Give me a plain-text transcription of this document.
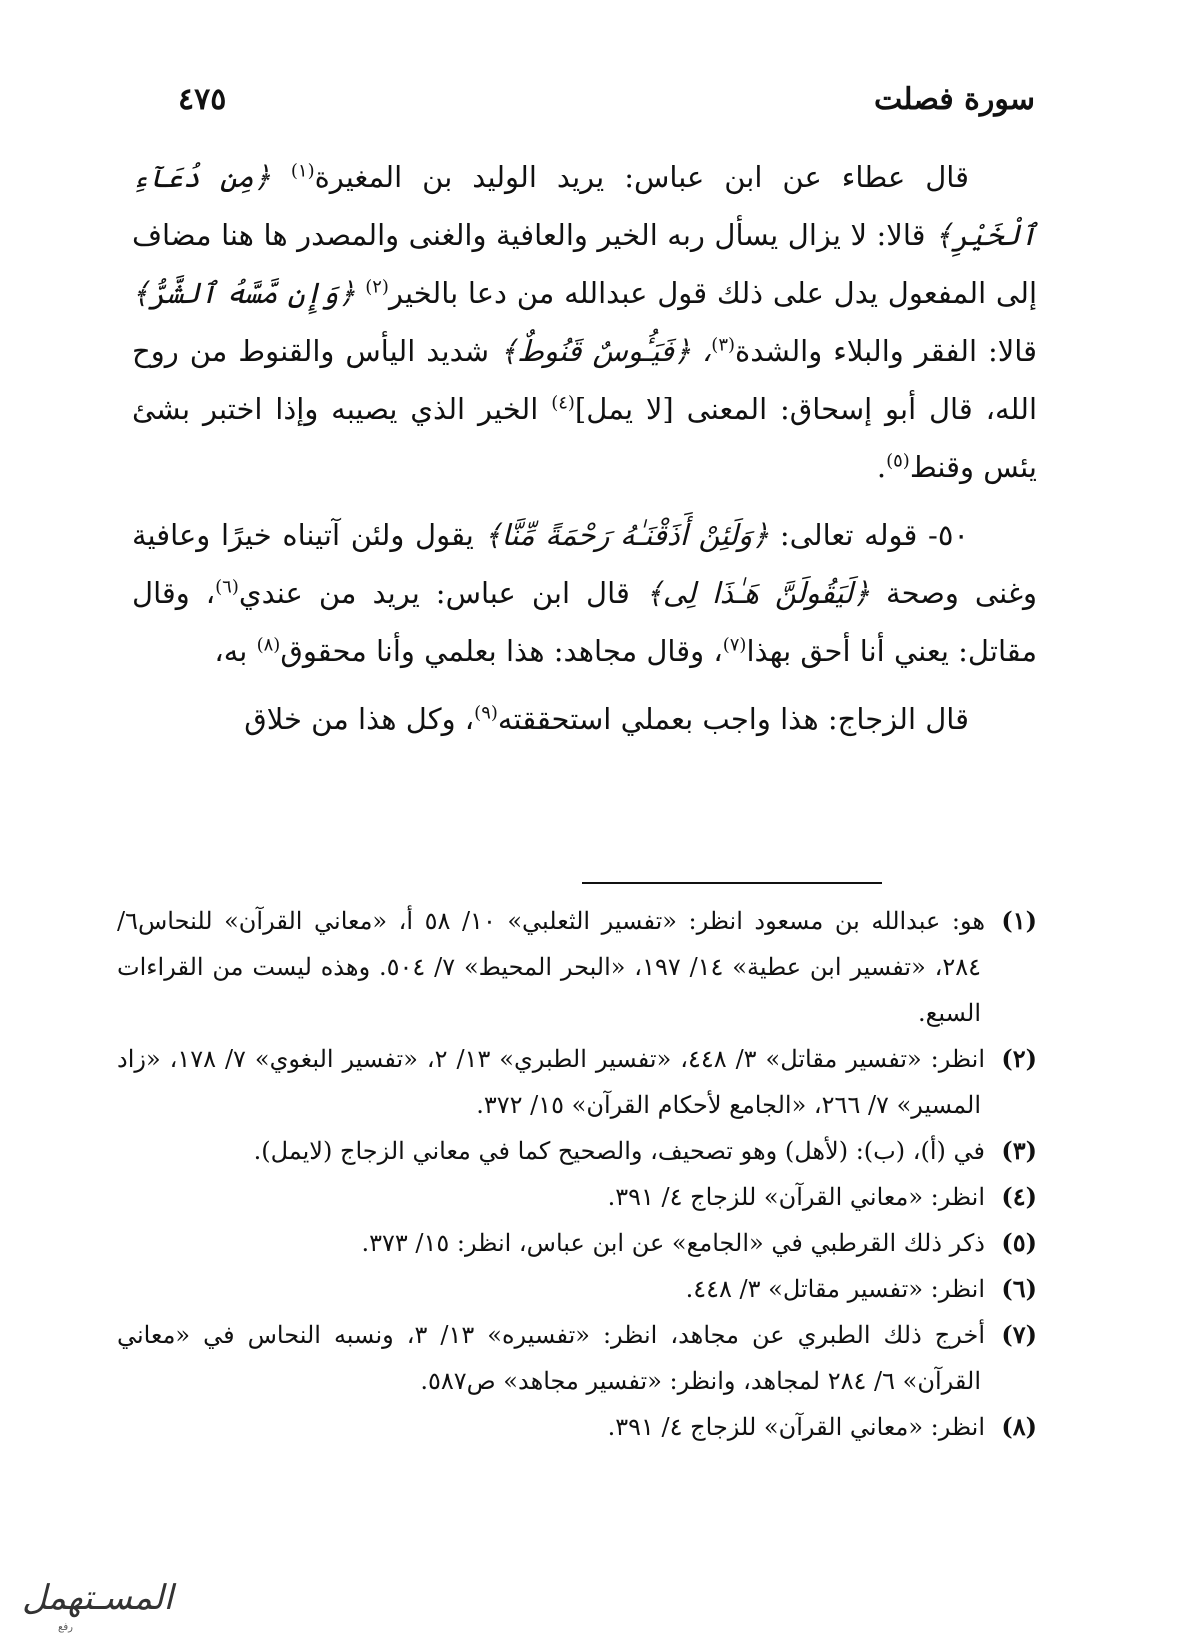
سورة فصلت
٤٧٥

قال عطاء عن ابن عباس: يريد الوليد بن المغيرة$^{(١)}$ ﴿مِن دُعَآءِ ٱلْخَيْرِ﴾ قالا: لا يزال يسأل ربه الخير والعافية والغنى والمصدر ها هنا مضاف إلى المفعول يدل على ذلك قول عبدالله من دعا بالخير$^{(٢)}$ ﴿وَإِن مَّسَّهُ ٱلشَّرُّ﴾ قالا: الفقر والبلاء والشدة$^{(٣)}$، ﴿فَيَـُٔوسٌ قَنُوطٌ﴾ شديد اليأس والقنوط من روح الله، قال أبو إسحاق: المعنى [لا يمل]$^{(٤)}$ الخير الذي يصيبه وإذا اختبر بشئ يئس وقنط$^{(٥)}$.

٥٠- قوله تعالى: ﴿وَلَئِنْ أَذَقْنَـٰهُ رَحْمَةً مِّنَّا﴾ يقول ولئن آتيناه خيرًا وعافية وغنى وصحة ﴿لَيَقُولَنَّ هَـٰذَا لِى﴾ قال ابن عباس: يريد من عندي$^{(٦)}$، وقال مقاتل: يعني أنا أحق بهذا$^{(٧)}$، وقال مجاهد: هذا بعلمي وأنا محقوق$^{(٨)}$ به،

قال الزجاج: هذا واجب بعملي استحققته$^{(٩)}$، وكل هذا من خلاق

(١)هو: عبدالله بن مسعود انظر: «تفسير الثعلبي» ١٠/ ٥٨ أ، «معاني القرآن» للنحاس٦/ ٢٨٤، «تفسير ابن عطية» ١٤/ ١٩٧، «البحر المحيط» ٧/ ٥٠٤. وهذه ليست من القراءات السبع.

(٢)انظر: «تفسير مقاتل» ٣/ ٤٤٨، «تفسير الطبري» ١٣/ ٢، «تفسير البغوي» ٧/ ١٧٨، «زاد المسير» ٧/ ٢٦٦، «الجامع لأحكام القرآن» ١٥/ ٣٧٢.

(٣)في (أ)، (ب): (لأهل) وهو تصحيف، والصحيح كما في معاني الزجاج (لايمل).

(٤)انظر: «معاني القرآن» للزجاج ٤/ ٣٩١.

(٥)ذكر ذلك القرطبي في «الجامع» عن ابن عباس، انظر: ١٥/ ٣٧٣.

(٦)انظر: «تفسير مقاتل» ٣/ ٤٤٨.

(٧)أخرج ذلك الطبري عن مجاهد، انظر: «تفسيره» ١٣/ ٣، ونسبه النحاس في «معاني القرآن» ٦/ ٢٨٤ لمجاهد، وانظر: «تفسير مجاهد» ص٥٨٧.

(٨)انظر: «معاني القرآن» للزجاج ٤/ ٣٩١.

المسـتهمل
رفع
